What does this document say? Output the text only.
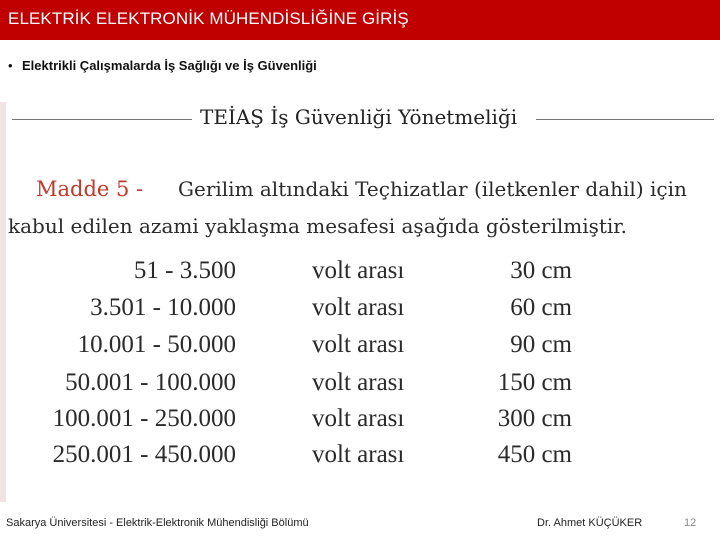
ELEKTRİK ELEKTRONİK MÜHENDİSLİĞİNE GİRİŞ
• Elektrikli Çalışmalarda İş Sağlığı ve İş Güvenliği
TEİAŞ İş Güvenliği Yönetmeliği
Madde 5 - Gerilim altındaki Teçhizatlar (iletkenler dahil) için
kabul edilen azami yaklaşma mesafesi aşağıda gösterilmiştir.
51 - 3.500	volt arası	30 cm
3.501 - 10.000	volt arası	60 cm
10.001 - 50.000	volt arası	90 cm
50.001 - 100.000	volt arası	150 cm
100.001 - 250.000	volt arası	300 cm
250.001 - 450.000	volt arası	450 cm
Sakarya Üniversitesi - Elektrik-Elektronik Mühendisliği Bölümü	Dr. Ahmet KÜÇÜKER	12
